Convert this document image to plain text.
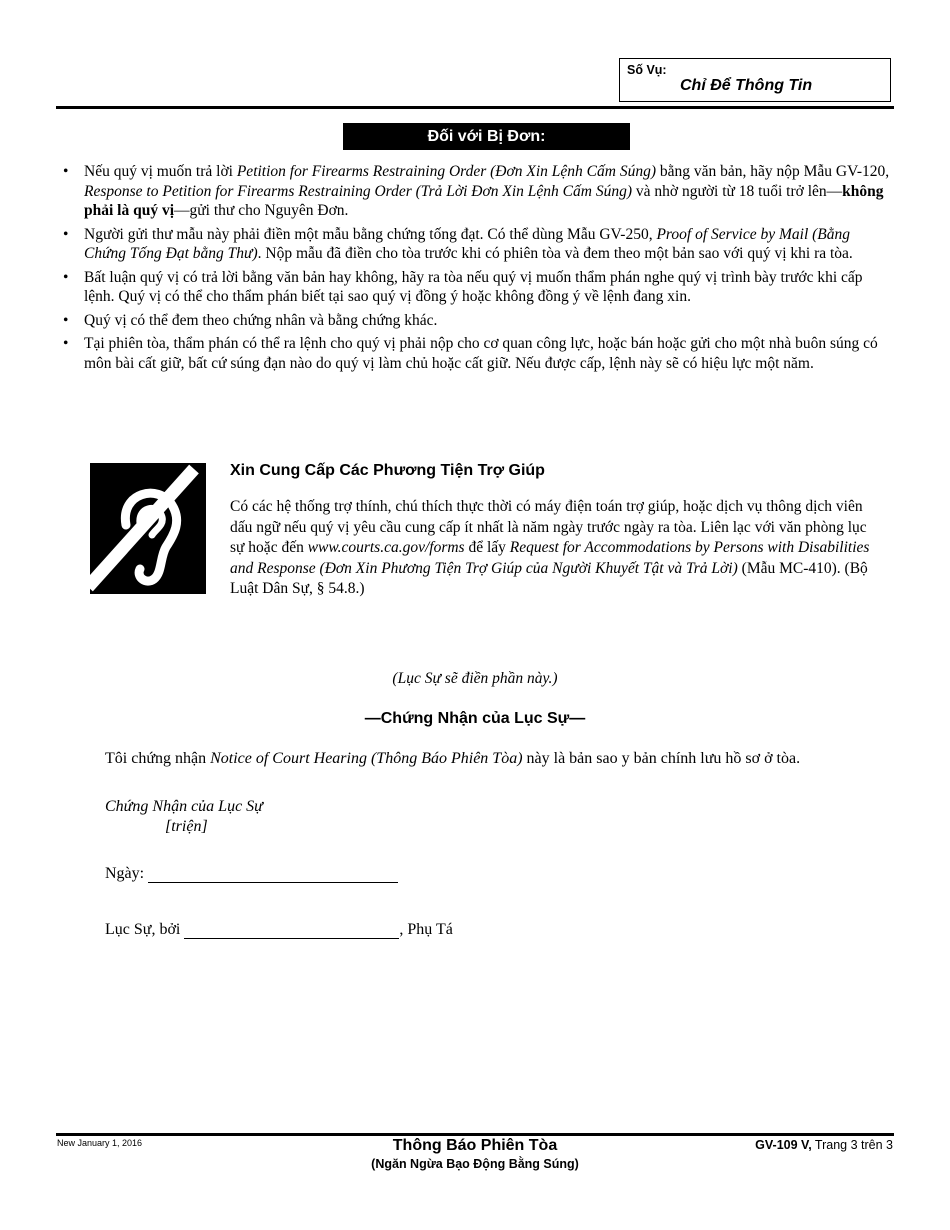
Số Vụ:
Chỉ Để Thông Tin
Đối với Bị Đơn:
• Nếu quý vị muốn trả lời Petition for Firearms Restraining Order (Đơn Xin Lệnh Cấm Súng) bằng văn bản, hãy nộp Mẫu GV-120, Response to Petition for Firearms Restraining Order (Trả Lời Đơn Xin Lệnh Cấm Súng) và nhờ người từ 18 tuổi trở lên—không phải là quý vị—gửi thư cho Nguyên Đơn.
• Người gửi thư mẫu này phải điền một mẫu bằng chứng tống đạt. Có thể dùng Mẫu GV-250, Proof of Service by Mail (Bằng Chứng Tống Đạt bằng Thư). Nộp mẫu đã điền cho tòa trước khi có phiên tòa và đem theo một bản sao với quý vị khi ra tòa.
• Bất luận quý vị có trả lời bằng văn bản hay không, hãy ra tòa nếu quý vị muốn thẩm phán nghe quý vị trình bày trước khi cấp lệnh. Quý vị có thể cho thẩm phán biết tại sao quý vị đồng ý hoặc không đồng ý về lệnh đang xin.
• Quý vị có thể đem theo chứng nhân và bằng chứng khác.
• Tại phiên tòa, thẩm phán có thể ra lệnh cho quý vị phải nộp cho cơ quan công lực, hoặc bán hoặc gửi cho một nhà buôn súng có môn bài cất giữ, bất cứ súng đạn nào do quý vị làm chủ hoặc cất giữ. Nếu được cấp, lệnh này sẽ có hiệu lực một năm.
Xin Cung Cấp Các Phương Tiện Trợ Giúp
Có các hệ thống trợ thính, chú thích thực thời có máy điện toán trợ giúp, hoặc dịch vụ thông dịch viên dấu ngữ nếu quý vị yêu cầu cung cấp ít nhất là năm ngày trước ngày ra tòa. Liên lạc với văn phòng lục sự hoặc đến www.courts.ca.gov/forms để lấy Request for Accommodations by Persons with Disabilities and Response (Đơn Xin Phương Tiện Trợ Giúp của Người Khuyết Tật và Trả Lời) (Mẫu MC-410). (Bộ Luật Dân Sự, § 54.8.)
(Lục Sự sẽ điền phần này.)
—Chứng Nhận của Lục Sự—
Tôi chứng nhận Notice of Court Hearing (Thông Báo Phiên Tòa) này là bản sao y bản chính lưu hồ sơ ở tòa.
Chứng Nhận của Lục Sự
[triện]
Ngày:
Lục Sự, bởi	, Phụ Tá
New January 1, 2016	Thông Báo Phiên Tòa
(Ngăn Ngừa Bạo Động Bằng Súng)
GV-109 V, Trang 3 trên 3
